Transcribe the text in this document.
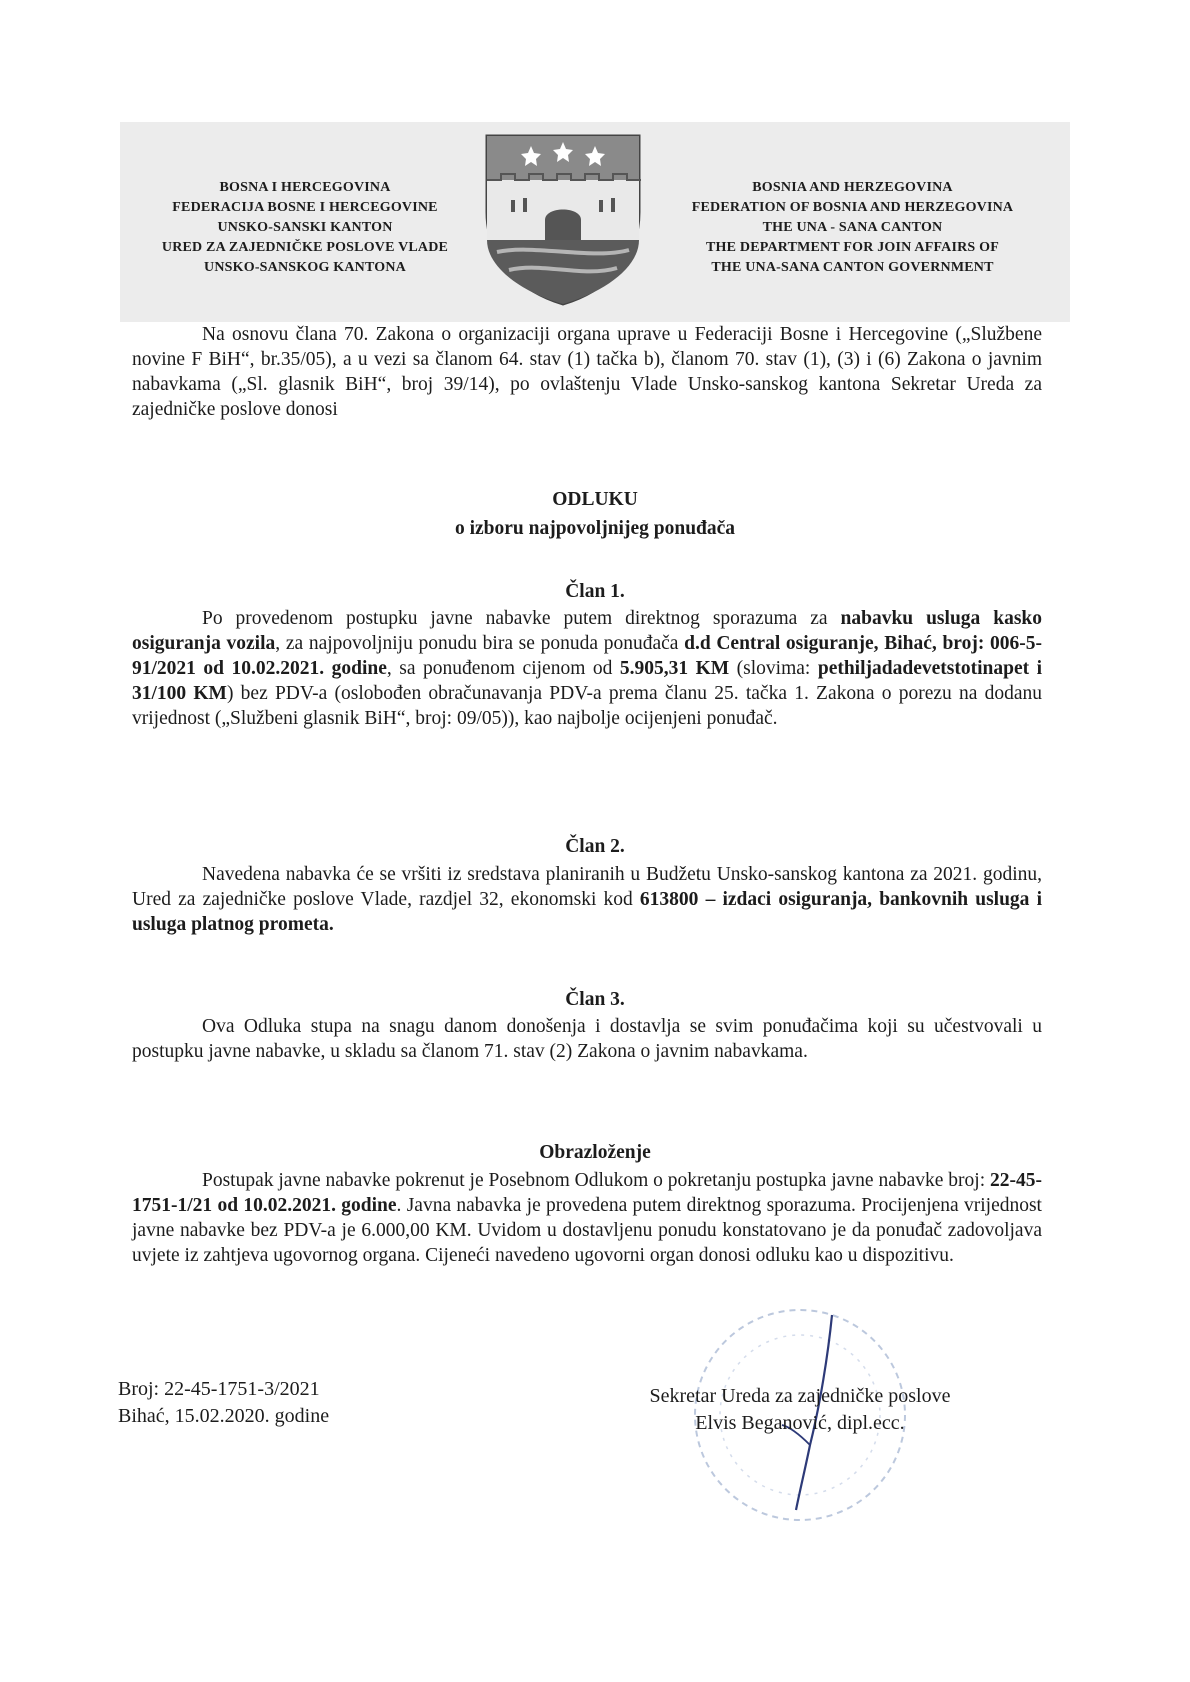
BOSNA I HERCEGOVINA
FEDERACIJA BOSNE I HERCEGOVINE
UNSKO-SANSKI KANTON
URED ZA ZAJEDNIČKE POSLOVE VLADE
UNSKO-SANSKOG KANTONA
BOSNIA AND HERZEGOVINA
FEDERATION OF BOSNIA AND HERZEGOVINA
THE UNA - SANA CANTON
THE DEPARTMENT FOR JOIN AFFAIRS OF
THE UNA-SANA CANTON GOVERNMENT

Na osnovu člana 70. Zakona o organizaciji organa uprave u Federaciji Bosne i Hercegovine („Službene novine F BiH“, br.35/05), a u vezi sa članom 64. stav (1) tačka b), članom 70. stav (1), (3) i (6) Zakona o javnim nabavkama („Sl. glasnik BiH“, broj 39/14), po ovlaštenju Vlade Unsko-sanskog kantona Sekretar Ureda za zajedničke poslove donosi

ODLUKU
o izboru najpovoljnijeg ponuđača
Član 1.

Po provedenom postupku javne nabavke putem direktnog sporazuma za nabavku usluga kasko osiguranja vozila, za najpovoljniju ponudu bira se ponuda ponuđača d.d Central osiguranje, Bihać, broj: 006-5-91/2021 od 10.02.2021. godine, sa ponuđenom cijenom od 5.905,31 KM (slovima: pethiljadadevetstotinapet i 31/100 KM) bez PDV-a (oslobođen obračunavanja PDV-a prema članu 25. tačka 1. Zakona o porezu na dodanu vrijednost („Službeni glasnik BiH“, broj: 09/05)), kao najbolje ocijenjeni ponuđač.

Član 2.

Navedena nabavka će se vršiti iz sredstava planiranih u Budžetu Unsko-sanskog kantona za 2021. godinu, Ured za zajedničke poslove Vlade, razdjel 32, ekonomski kod 613800 – izdaci osiguranja, bankovnih usluga i usluga platnog prometa.

Član 3.

Ova Odluka stupa na snagu danom donošenja i dostavlja se svim ponuđačima koji su učestvovali u postupku javne nabavke, u skladu sa članom 71. stav (2) Zakona o javnim nabavkama.

Obrazloženje

Postupak javne nabavke pokrenut je Posebnom Odlukom o pokretanju postupka javne nabavke broj: 22-45-1751-1/21 od 10.02.2021. godine. Javna nabavka je provedena putem direktnog sporazuma. Procijenjena vrijednost javne nabavke bez PDV-a je 6.000,00 KM. Uvidom u dostavljenu ponudu konstatovano je da ponuđač zadovoljava uvjete iz zahtjeva ugovornog organa. Cijeneći navedeno ugovorni organ donosi odluku kao u dispozitivu.

Broj: 22-45-1751-3/2021
Bihać, 15.02.2020. godine
Sekretar Ureda za zajedničke poslove
Elvis Beganović, dipl.ecc.
